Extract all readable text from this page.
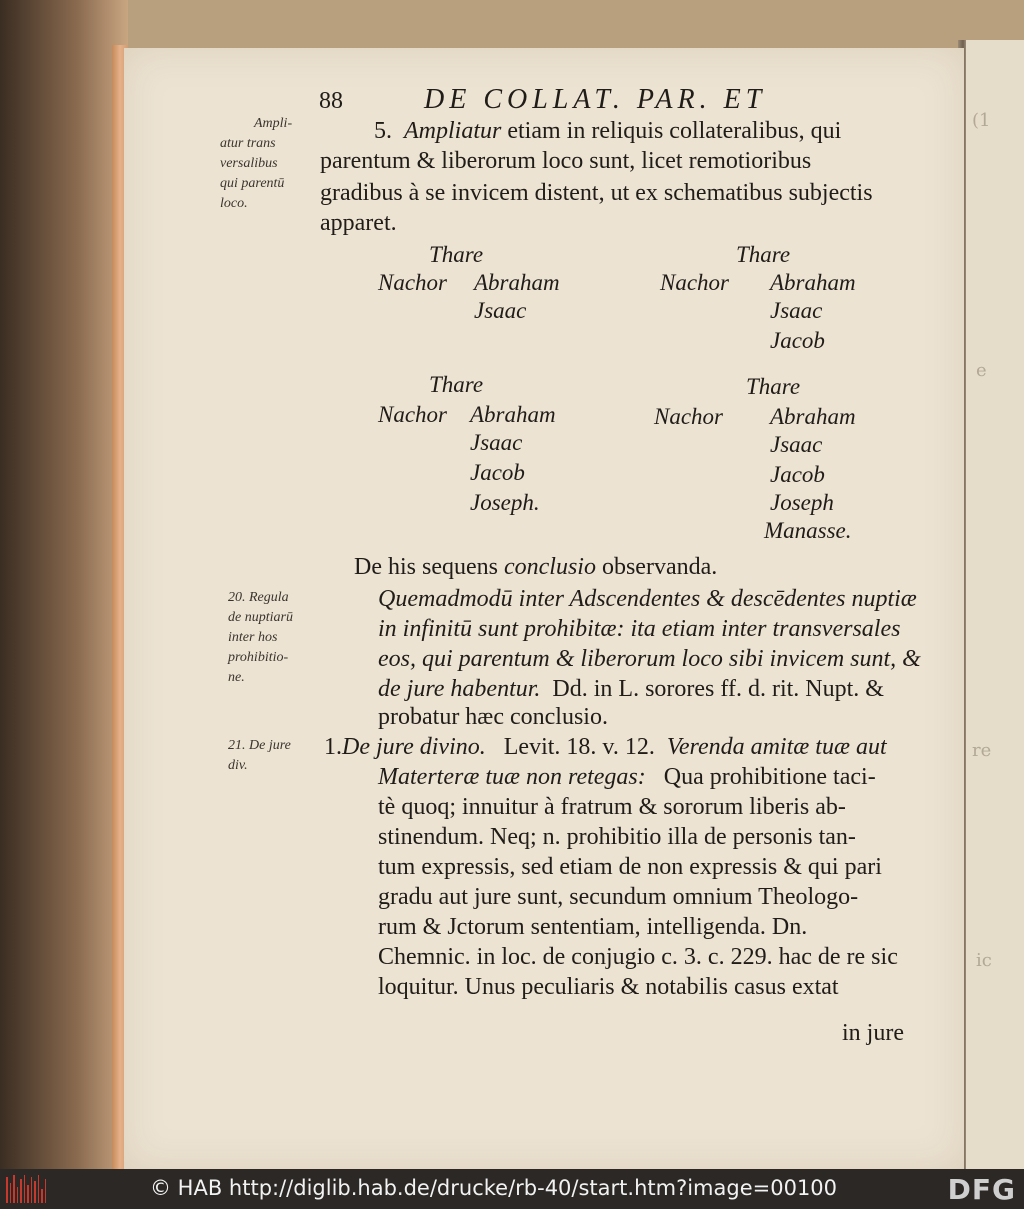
(1
e
re
ic
88	DE COLLAT. PAR. ET
Ampli-
atur trans
versalibus
qui parentū
loco.
5. Ampliatur etiam in reliquis collateralibus, qui
parentum & liberorum loco sunt, licet remotioribus
gradibus à se invicem distent, ut ex schematibus subjectis
apparet.
Thare
Nachor Abraham
Jsaac
Thare
Nachor Abraham
Jsaac
Jacob
Thare
Nachor Abraham
Jsaac
Jacob
Joseph.
Thare
Nachor Abraham
Jsaac
Jacob
Joseph
Manasse.
De his sequens conclusio observanda.
20. Regula
de nuptiarū
inter hos
prohibitio-
ne.
Quemadmodū inter Adscendentes & descēdentes nuptiæ
in infinitū sunt prohibitæ: ita etiam inter transversales
eos, qui parentum & liberorum loco sibi invicem sunt, &
de jure habentur. Dd. in L. sorores ff. d. rit. Nupt. &
probatur hæc conclusio.
21. De jure
div.
1.De jure divino. Levit. 18. v. 12. Verenda amitæ tuæ aut
Materteræ tuæ non retegas: Qua prohibitione taci-
tè quoq; innuitur à fratrum & sororum liberis ab-
stinendum. Neq; n. prohibitio illa de personis tan-
tum expressis, sed etiam de non expressis & qui pari
gradu aut jure sunt, secundum omnium Theologo-
rum & Jctorum sententiam, intelligenda. Dn.
Chemnic. in loc. de conjugio c. 3. c. 229. hac de re sic
loquitur. Unus peculiaris & notabilis casus extat
in jure
© HAB http://diglib.hab.de/drucke/rb-40/start.htm?image=00100	DFG
